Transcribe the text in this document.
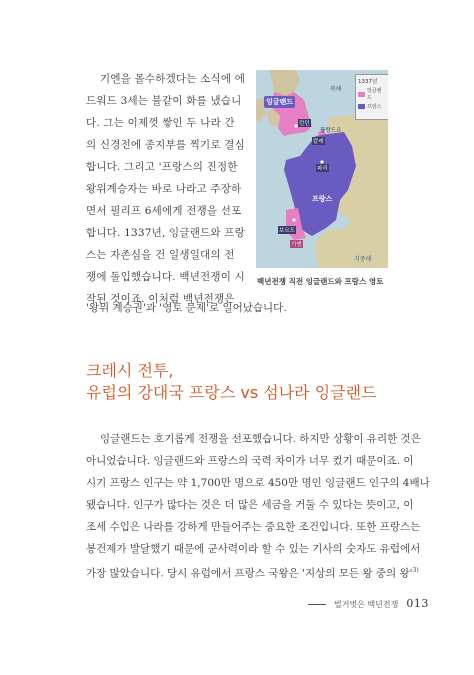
기엔을 몰수하겠다는 소식에 에
드워드 3세는 불같이 화를 냈습니
다. 그는 이제껏 쌓인 두 나라 간
의 신경전에 종지부를 찍기로 결심
합니다. 그리고 '프랑스의 진정한
왕위계승자는 바로 나라고 주장하
면서 필리프 6세에게 전쟁을 선포
합니다. 1337년, 잉글랜드와 프랑
스는 자존심을 건 일생일대의 전
쟁에 돌입했습니다. 백년전쟁이 시
작된 것이죠. 이처럼 백년전쟁은
'왕위 계승권'과 '영토 문제'로 일어났습니다.
1337년
잉글랜드
프랑스
북해
잉글랜드
런던
칼레
플랑드르
파리
프랑스
보르도
기엔
지중해
백년전쟁 직전 잉글랜드와 프랑스 영토
크레시 전투,
유럽의 강대국 프랑스 vs 섬나라 잉글랜드
잉글랜드는 호기롭게 전쟁을 선포했습니다. 하지만 상황이 유리한 것은
아니었습니다. 잉글랜드와 프랑스의 국력 차이가 너무 컸기 때문이죠. 이
시기 프랑스 인구는 약 1,700만 명으로 450만 명인 잉글랜드 인구의 4배나
됐습니다. 인구가 많다는 것은 더 많은 세금을 거둘 수 있다는 뜻이고, 이
조세 수입은 나라를 강하게 만들어주는 중요한 조건입니다. 또한 프랑스는
봉건제가 발달했기 때문에 군사력이라 할 수 있는 기사의 숫자도 유럽에서
가장 많았습니다. 당시 유럽에서 프랑스 국왕은 '지상의 모든 왕 중의 왕'$^{3)}$
벌거벗은 백년전쟁 013
